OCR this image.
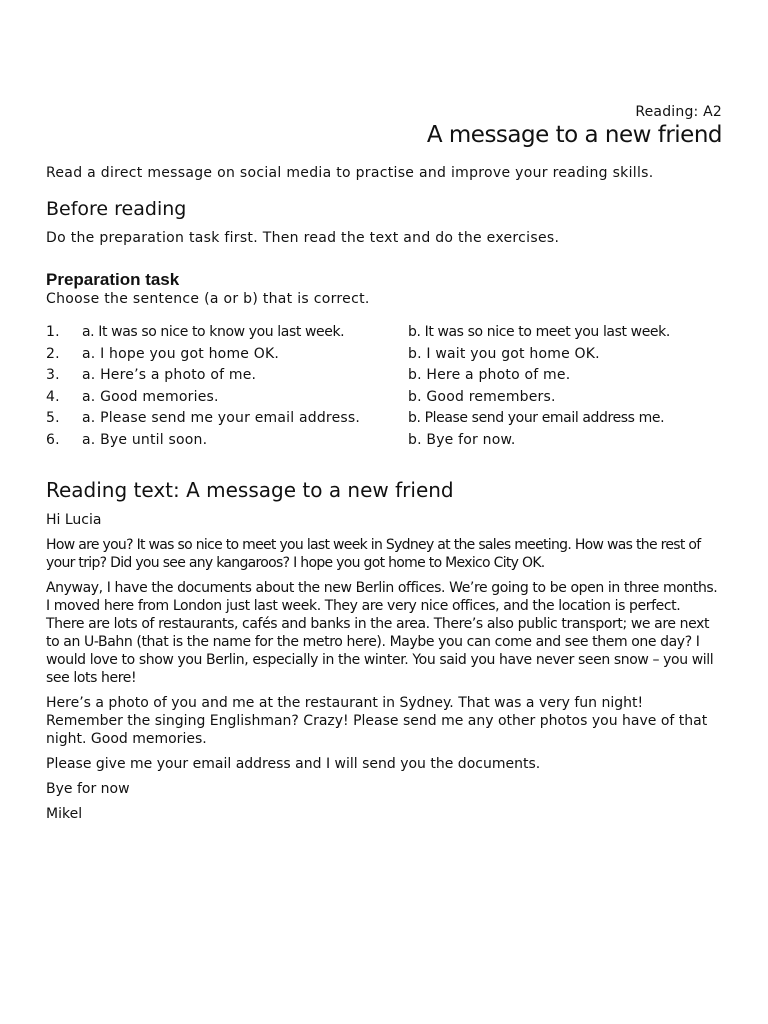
Reading: A2
A message to a new friend

Read a direct message on social media to practise and improve your reading skills.

Before reading

Do the preparation task first. Then read the text and do the exercises.

Preparation task

Choose the sentence (a or b) that is correct.

1. a. It was so nice to know you last week.	b. It was so nice to meet you last week.
2. a. I hope you got home OK.	b. I wait you got home OK.
3. a. Here’s a photo of me.	b. Here a photo of me.
4. a. Good memories.	b. Good remembers.
5. a. Please send me your email address.	b. Please send your email address me.
6. a. Bye until soon.	b. Bye for now.
Reading text: A message to a new friend

Hi Lucia

How are you? It was so nice to meet you last week in Sydney at the sales meeting. How was the rest of your trip? Did you see any kangaroos? I hope you got home to Mexico City OK.

Anyway, I have the documents about the new Berlin offices. We’re going to be open in three months. I moved here from London just last week. They are very nice offices, and the location is perfect. There are lots of restaurants, cafés and banks in the area. There’s also public transport; we are next to an U-Bahn (that is the name for the metro here). Maybe you can come and see them one day? I would love to show you Berlin, especially in the winter. You said you have never seen snow – you will see lots here!

Here’s a photo of you and me at the restaurant in Sydney. That was a very fun night! Remember the singing Englishman? Crazy! Please send me any other photos you have of that night. Good memories.

Please give me your email address and I will send you the documents.

Bye for now

Mikel
